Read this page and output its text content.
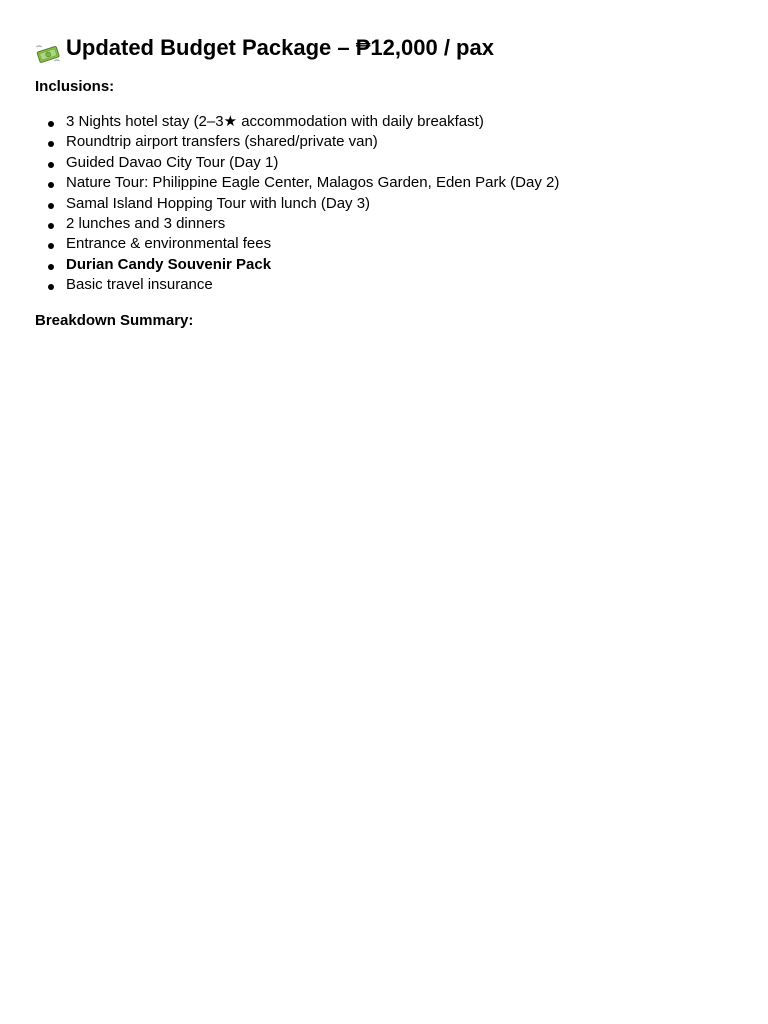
Updated Budget Package – ₱12,000 / pax

Inclusions:

3 Nights hotel stay (2–3★ accommodation with daily breakfast)
Roundtrip airport transfers (shared/private van)
Guided Davao City Tour (Day 1)
Nature Tour: Philippine Eagle Center, Malagos Garden, Eden Park (Day 2)
Samal Island Hopping Tour with lunch (Day 3)
2 lunches and 3 dinners
Entrance & environmental fees
Durian Candy Souvenir Pack
Basic travel insurance

Breakdown Summary:
